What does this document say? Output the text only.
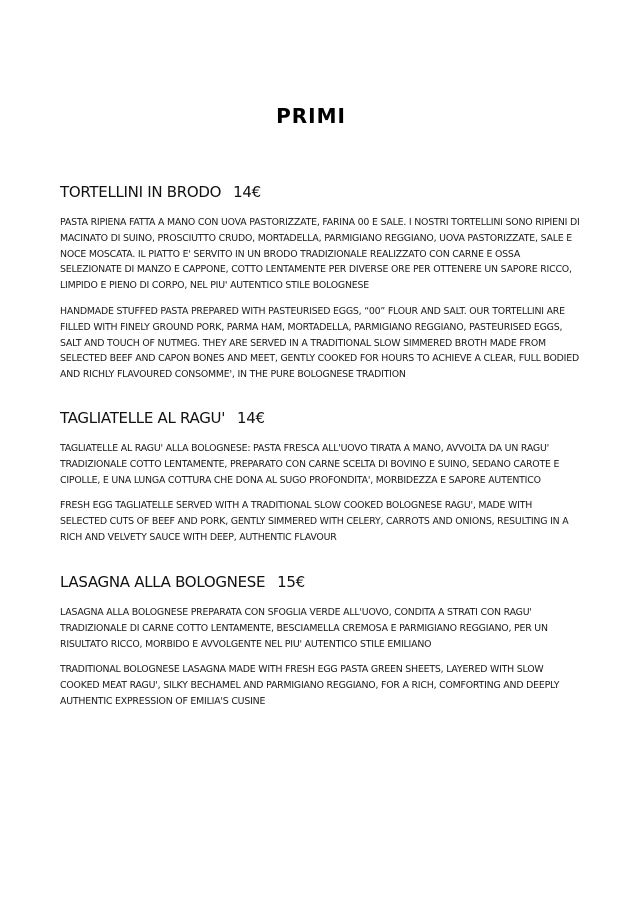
PRIMI
TORTELLINI IN BRODO 14€

PASTA RIPIENA FATTA A MANO CON UOVA PASTORIZZATE, FARINA 00 E SALE. I NOSTRI TORTELLINI SONO RIPIENI DI MACINATO DI SUINO, PROSCIUTTO CRUDO, MORTADELLA, PARMIGIANO REGGIANO, UOVA PASTORIZZATE, SALE E NOCE MOSCATA. IL PIATTO E' SERVITO IN UN BRODO TRADIZIONALE REALIZZATO CON CARNE E OSSA SELEZIONATE DI MANZO E CAPPONE, COTTO LENTAMENTE PER DIVERSE ORE PER OTTENERE UN SAPORE RICCO, LIMPIDO E PIENO DI CORPO, NEL PIU' AUTENTICO STILE BOLOGNESE

HANDMADE STUFFED PASTA PREPARED WITH PASTEURISED EGGS, “00” FLOUR AND SALT. OUR TORTELLINI ARE FILLED WITH FINELY GROUND PORK, PARMA HAM, MORTADELLA, PARMIGIANO REGGIANO, PASTEURISED EGGS, SALT AND TOUCH OF NUTMEG. THEY ARE SERVED IN A TRADITIONAL SLOW SIMMERED BROTH MADE FROM SELECTED BEEF AND CAPON BONES AND MEET, GENTLY COOKED FOR HOURS TO ACHIEVE A CLEAR, FULL BODIED AND RICHLY FLAVOURED CONSOMME', IN THE PURE BOLOGNESE TRADITION

TAGLIATELLE AL RAGU' 14€

TAGLIATELLE AL RAGU' ALLA BOLOGNESE: PASTA FRESCA ALL'UOVO TIRATA A MANO, AVVOLTA DA UN RAGU' TRADIZIONALE COTTO LENTAMENTE, PREPARATO CON CARNE SCELTA DI BOVINO E SUINO, SEDANO CAROTE E CIPOLLE, E UNA LUNGA COTTURA CHE DONA AL SUGO PROFONDITA', MORBIDEZZA E SAPORE AUTENTICO

FRESH EGG TAGLIATELLE SERVED WITH A TRADITIONAL SLOW COOKED BOLOGNESE RAGU', MADE WITH SELECTED CUTS OF BEEF AND PORK, GENTLY SIMMERED WITH CELERY, CARROTS AND ONIONS, RESULTING IN A RICH AND VELVETY SAUCE WITH DEEP, AUTHENTIC FLAVOUR

LASAGNA ALLA BOLOGNESE 15€

LASAGNA ALLA BOLOGNESE PREPARATA CON SFOGLIA VERDE ALL'UOVO, CONDITA A STRATI CON RAGU' TRADIZIONALE DI CARNE COTTO LENTAMENTE, BESCIAMELLA CREMOSA E PARMIGIANO REGGIANO, PER UN RISULTATO RICCO, MORBIDO E AVVOLGENTE NEL PIU' AUTENTICO STILE EMILIANO

TRADITIONAL BOLOGNESE LASAGNA MADE WITH FRESH EGG PASTA GREEN SHEETS, LAYERED WITH SLOW COOKED MEAT RAGU', SILKY BECHAMEL AND PARMIGIANO REGGIANO, FOR A RICH, COMFORTING AND DEEPLY AUTHENTIC EXPRESSION OF EMILIA'S CUSINE
